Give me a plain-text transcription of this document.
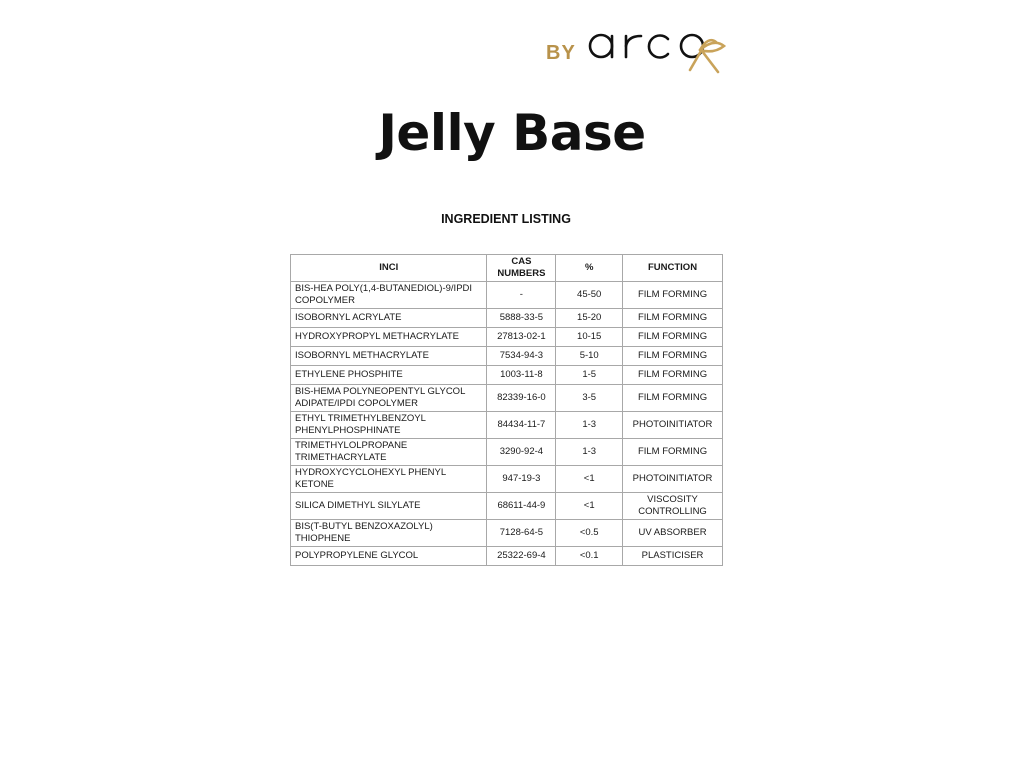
BY
Jelly Base
INGREDIENT LISTING
INCI	CAS NUMBERS	%	FUNCTION
BIS-HEA POLY(1,4-BUTANEDIOL)-9/IPDI COPOLYMER	-	45-50	FILM FORMING
ISOBORNYL ACRYLATE	5888-33-5	15-20	FILM FORMING
HYDROXYPROPYL METHACRYLATE	27813-02-1	10-15	FILM FORMING
ISOBORNYL METHACRYLATE	7534-94-3	5-10	FILM FORMING
ETHYLENE PHOSPHITE	1003-11-8	1-5	FILM FORMING
BIS-HEMA POLYNEOPENTYL GLYCOL ADIPATE/IPDI COPOLYMER	82339-16-0	3-5	FILM FORMING
ETHYL TRIMETHYLBENZOYL PHENYLPHOSPHINATE	84434-11-7	1-3	PHOTOINITIATOR
TRIMETHYLOLPROPANE TRIMETHACRYLATE	3290-92-4	1-3	FILM FORMING
HYDROXYCYCLOHEXYL PHENYL KETONE	947-19-3	<1	PHOTOINITIATOR
SILICA DIMETHYL SILYLATE	68611-44-9	<1	VISCOSITY CONTROLLING
BIS(T-BUTYL BENZOXAZOLYL) THIOPHENE	7128-64-5	<0.5	UV ABSORBER
POLYPROPYLENE GLYCOL	25322-69-4	<0.1	PLASTICISER
